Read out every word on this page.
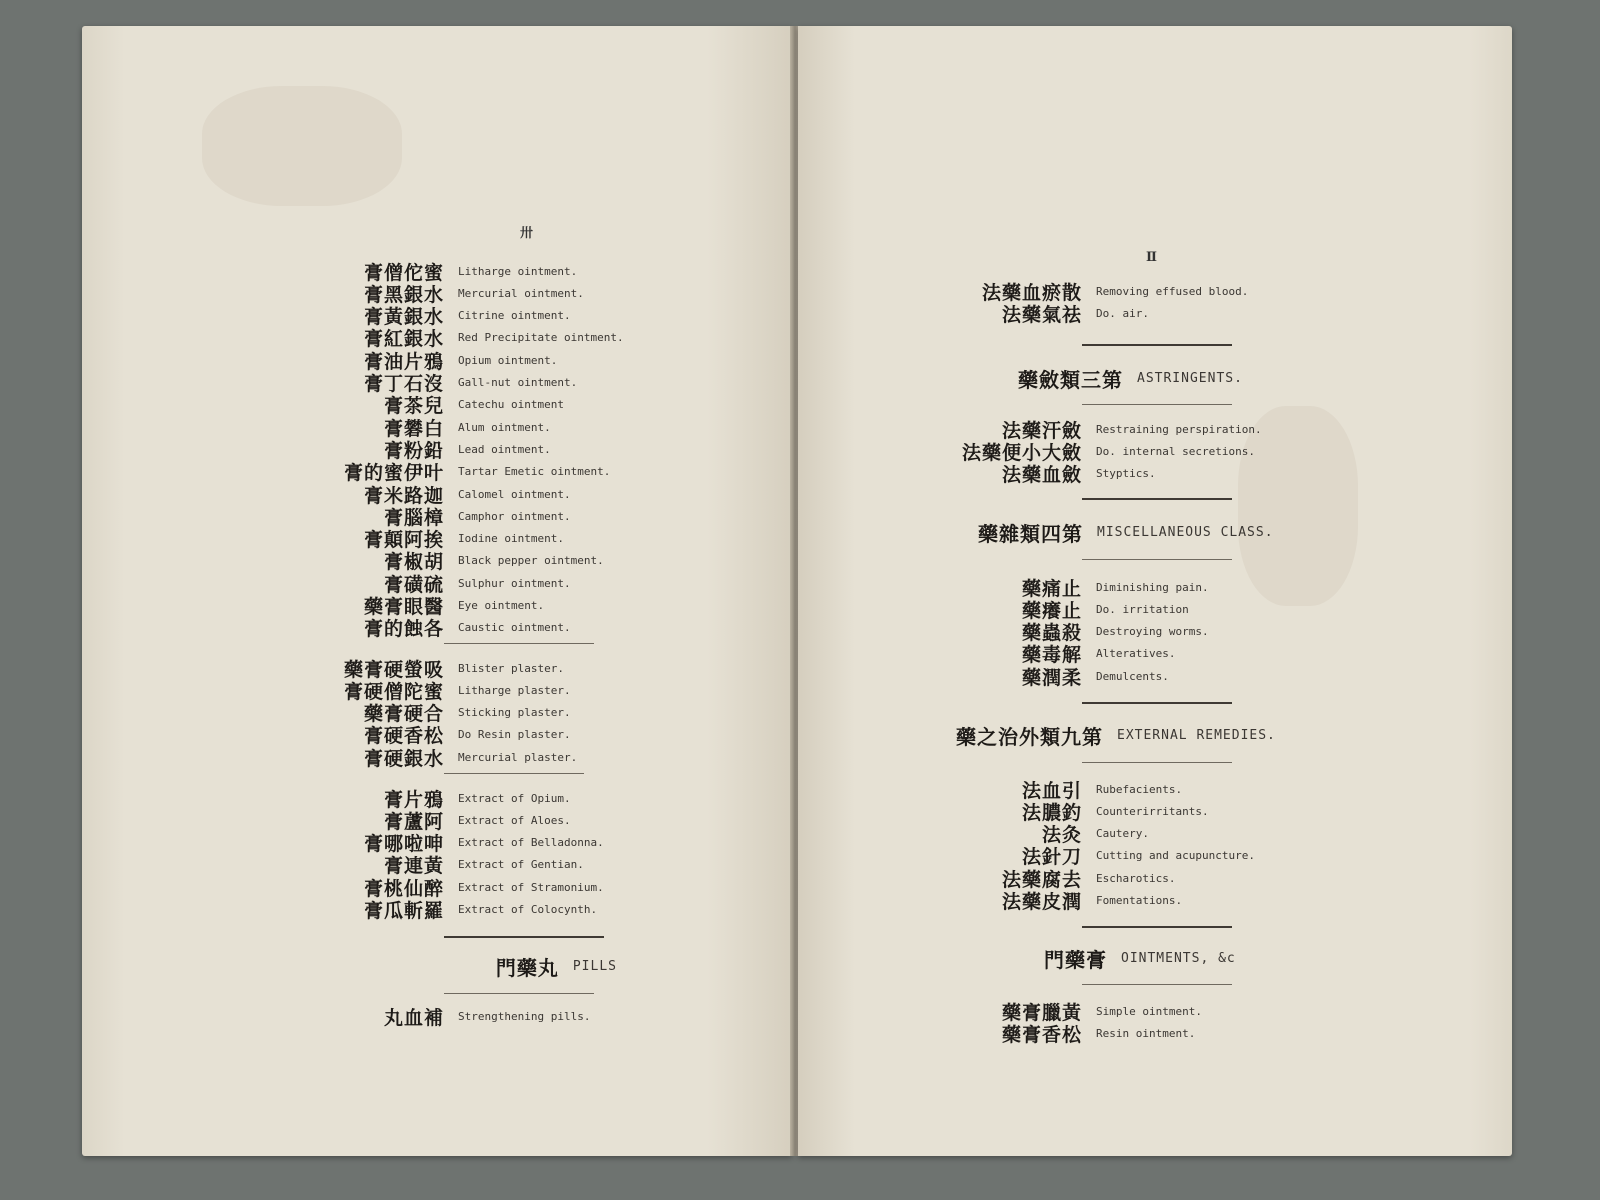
卅
膏僧佗蜜 Litharge ointment.
膏黑銀水 Mercurial ointment.
膏黃銀水 Citrine ointment.
膏紅銀水 Red Precipitate ointment.
膏油片鴉 Opium ointment.
膏丁石沒 Gall-nut ointment.
膏茶兒 Catechu ointment
膏礬白 Alum ointment.
膏粉鉛 Lead ointment.
膏的蜜伊叶 Tartar Emetic ointment.
膏米路迦 Calomel ointment.
膏腦樟 Camphor ointment.
膏顛阿挨 Iodine ointment.
膏椒胡 Black pepper ointment.
膏磺硫 Sulphur ointment.
藥膏眼醫 Eye ointment.
膏的蝕各 Caustic ointment.
藥膏硬螢吸 Blister plaster.
膏硬僧陀蜜 Litharge plaster.
藥膏硬合 Sticking plaster.
膏硬香松 Do Resin plaster.
膏硬銀水 Mercurial plaster.
膏片鴉 Extract of Opium.
膏蘆阿 Extract of Aloes.
膏哪啦呻 Extract of Belladonna.
膏連黃 Extract of Gentian.
膏桃仙醉 Extract of Stramonium.
膏瓜斬羅 Extract of Colocynth.
門藥丸 PILLS
丸血補 Strengthening pills.
Ⅱ
法藥血瘀散 Removing effused blood.
法藥氣祛 Do. air.
藥斂類三第 ASTRINGENTS.
法藥汗斂 Restraining perspiration.
法藥便小大斂 Do. internal secretions.
法藥血斂 Styptics.
藥雜類四第 MISCELLANEOUS CLASS.
藥痛止 Diminishing pain.
藥癢止 Do. irritation
藥蟲殺 Destroying worms.
藥毒解 Alteratives.
藥潤柔 Demulcents.
藥之治外類九第 EXTERNAL REMEDIES.
法血引 Rubefacients.
法膿釣 Counterirritants.
法灸 Cautery.
法針刀 Cutting and acupuncture.
法藥腐去 Escharotics.
法藥皮潤 Fomentations.
門藥膏 OINTMENTS, &c
藥膏臘黃 Simple ointment.
藥膏香松 Resin ointment.
